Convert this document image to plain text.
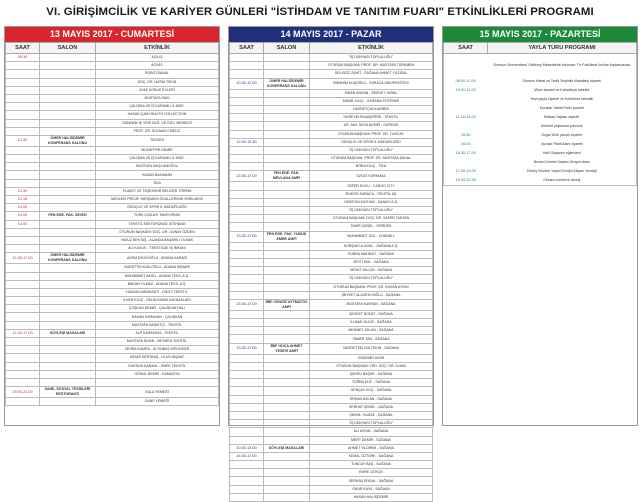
VI. GİRİŞİMCİLİK VE KARİYER GÜNLERİ "İSTİHDAM VE TANITIM FUARI" ETKİNLİKLERİ PROGRAMI
13 MAYIS 2017 - CUMARTESİ
SAAT	SALON	ETKİNLİK
09.30		AÇILIŞ
		ACİVİS
		ROBOTSANAL
		DOÇ. DR. HATİM TEKİN
		AYAZ KONUK EVLERİ
		MUSTAFA SAKI
		ÇALIŞMA VE İŞ KURUMU İL MÜD.
		HASAN ÇAM HEALTH COLLECTION
		GÜNDEM İŞ YERİ SAĞ. VE GÜV. MERKEZİ
		PROF. DR. SOLMAZ CEBECİ
12.30	ÖMER HALİSDEMİR KONFERANS SALONU	TEKSEN
		MUZAFFER DEMİR
		ÇALIŞMA VE İŞ KURUMU İL MÜD.
		MUSTAFA MUŞLUMOĞLU
		HASAN BAKAMAN
		TİKA
12.30		PLAKET VE TEŞEKKÜR BELGESİ TÖRENİ
12.15		MESLEKİ PROJE YARIŞMASI ÖDÜLLERİNİN VERİLMESİ
13.00		GENÇLİK VE SPOR İL MÜDÜRLÜĞÜ
14.00	FEN EDE. FAK. SEVİSİ	TÜRK KIZILAYI TANIYORUM
14.00		TEKSTİL SEKTÖRÜNDE İSTİHDAM
		OTURUM BAŞKANI: DOÇ. DR. GÜNAY ÖZDEN
		YAVUZ BEKTAŞ - ALANDA BAŞARILI OLMAK
		ALİ KAVLİK - TEKSTİLDE İŞ İMKANI
14.30-17.00	ÖMER HALİSDEMİR KONFERANS SALONU	ADEM DİKİCİOĞLU - ADANA KARARI
		NURETTİN KIZILOĞLU - ADANA KARARI
		MUHAMMET AKSÜ - ADANA TEKS. A.Ş.
		BAKAN YILMAZ - ADANA TEKS. A.Ş.
		HASAN KARAHASTI - DİKİCİ TEKSTİL
		İLKER KILIÇ - SELİN İNSAN KAYNAKLARI
		ÇOŞKUN DEMİR - ÇALIŞKAN HALI
		DAHAN KARAHAN - ÇALIŞKAN
		MUSTAFA HASKİTÇİ - TEKSTİL
14.30-17.00	SÖYLEŞİ MASALARI	ALP KARAKAYA - TEKSTİL
		MUSTAFA DİVAN - BEYMEN TEKSTİL
		ZEHRA KUMRU - ALTINBAŞ KİPLİNGER
		NİGAR SERTBAŞ - ULUS İNŞAAT
		DURSUN KARAAL - EMEK TEKSTİL
		GÖNÜL DEMİR - KAMAZON

19.00-22.00	SAHİL SOSYAL TESİSLERİ RESTORANTI	GALA YEMEĞİ
		DANS YEMEĞİ
14 MAYIS 2017 - PAZAR
SAAT	SALON	ETKİNLİK
		"İŞ DÜNYASI TOPLULUĞU"
		OTURUM BAŞKANI: PROF. DR. MUSTAFA TÜRKMEN
		DELİGÖZ ZAHİT - SAĞANA AHMET YÜZİSAL
10.30-12.00	ÖMER HALİSDEMİR KONFERANS SALONU	İBRAHİM KUŞOĞLU - KARACA ÜNİVERSİTESİ
		SİNAN ANDAN - SERVET YARAL
		MİKAİL KILIÇ - SAĞANA SYSTEMS
		HAZRETÇİM KARBEN
		HÜSEYİN PAŞAŞERRE - TEKSTİL
		DR. AKİL SEVİLDEMİR - GÜRDÜK
		OTURUM BAŞKANI: PROF. DR. TUNCAY
12.00-13.30		GENÇLİK VE SPOR İL MÜDÜRLÜĞÜ
		"İŞ DÜNYASI TOPLULUĞU"
		OTURUM BAŞKANI: PROF. DR. MUSTAFA ŞAHAL
		BORA KILIÇ - TİKA
13.30-17.00	FEN EDE. FAK. MEVLANA AMFİ	ÖZVAT KORKMAZ
		SEFER SUCU - CARGO CITY
		RUKIYE KARACA - TEKSTİL AŞ
		HÜSEYİN KAYHAN - SANAYİ A.Ş.
		"İŞ DÜNYASI TOPLULUĞU"
		OTURUM BAŞKANI: DOÇ. DR. SAFER TANTAN
		TAHİR ÇENEL - GÖRDES
13.30-17.00	FEN EDE. FAK. YUNUS EMRE AMFİ	MUHAMMET GÜL - CHANELL
		KÜRŞAD ULUGAL - SAĞANA A.Ş.
		KÜBRA MAHMUT - SAĞANA
		SEYİT BOL - SAĞANA
		VEDAT YALÇIN - SAĞANA
		"İŞ DÜNYASI TOPLULUĞU"
		OTURUM BAŞKANI: PROF. DR. KAHAN AYDIN
		ŞEVKET ALAGEKOOĞLU - SAĞANA
13.30-17.00	İİBF CENGİZ AYTMATOV AMFİ	MUSTAFA KAVRAN - SAĞANA
		ŞEVKET BOZAT - SAĞANA
		İLHAMİ YILDIZ - SAĞANA
		MEHMET ASLAN - SAĞANA
		TAMER TAN - SAĞANA
13.30-17.00	İİBF HOCA AHMET YESEVİ AMFİ	NASRETTİN GÜLTEKİN - SAĞANA
		ÖZDEMİR AKAR
		OTURUM BAŞKANI: YRD. DOÇ. DR. İLHAN
		ŞÜKRÜ BAŞAR - SAĞANA
		TUĞBA ELİF - SAĞANA
		GENÇAY KOÇ - SAĞANA
		ERKAN ASLAN - SAĞANA
		SERHAT ŞENEL - SAĞANA
		ŞENOL YILMAZ - SAĞANA
		"İŞ DÜNYASI TOPLULUĞU"
		ALİ AYDIN - SAĞANA
		MERT DEMİR - SAĞANA
10.00-13.00	SÖYLEŞİ MASALARI	AHMET YILDIRIM - SAĞANA
14.00-17.00		KEMAL ÖZTÜRK - SAĞANA
		TUNCAY BAŞ - SAĞANA
		EMRE GÖKÇE
		SERKAN ERDAL - SAĞANA
		ONUR KAYA - SAĞANA
		HASAN HALISDEMİR
15 MAYIS 2017 - PAZARTESİ
SAAT	YAYLA TURU PROGRAMI
	Giresun Üniversitesi Gebbey Meselekde bulunan Tır Fakültesi önüne toplanılacak
08.00-10.00	Giresun Kalesi ve Tarihi Zeytinlik Mahallesi ziyareti
10.00-11.00	Müze ziyareti ve Kahvaltıya hareket
	Yeşil yayla Ziyareti ve Kulübü'ne kahvaltı
	Kuzalan Tabiat Parkı ziyareti
11.00-14.00	Bektaş Yaylası ziyareti
	Kümbet yaylasına yolculuk
15.00	Doğal Ürün pazarı ziyareti
16.00	Ayvaçlı Pilinti Alanı ziyareti
16.30-17.00	Halil Gaytanın eğlencesi
	Bocan Kümbet Yaylası Grnyon Alanı
17.00-19.00	Dönüş Kümbet Yayla Dönüşü Akşam Yemeği
19.00-20.30	Giresun merkeze dönüş
